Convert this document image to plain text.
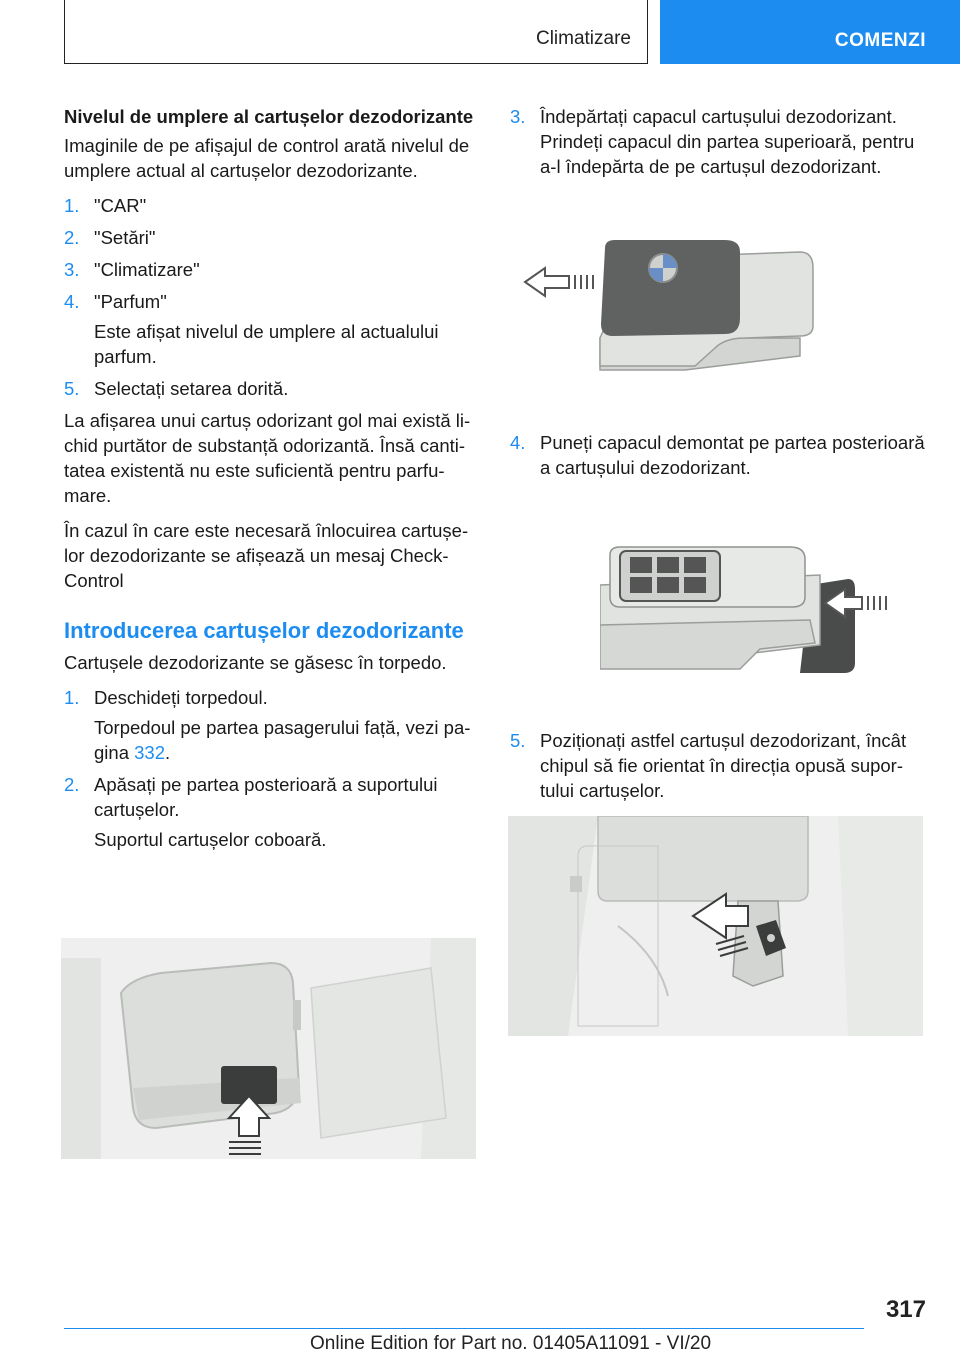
Climatizare	COMENZI
Nivelul de umplere al cartușelor dezodorizante

Imaginile de pe afișajul de control arată nivelul de umplere actual al cartușelor dezodorizante.

1. "CAR"
2. "Setări"
3. "Climatizare"
4. "Parfum"
Este afișat nivelul de umplere al actualului parfum.
5. Selectați setarea dorită.

La afișarea unui cartuș odorizant gol mai există lichid purtător de substanță odorizantă. Însă cantitatea existentă nu este suficientă pentru parfumare.

În cazul în care este necesară înlocuirea cartușelor dezodorizante se afișează un mesaj Check-Control

Introducerea cartușelor dezodorizante

Cartușele dezodorizante se găsesc în torpedo.

1. Deschideți torpedoul.
Torpedoul pe partea pasagerului față, vezi pagina 332.
2. Apăsați pe partea posterioară a suportului cartușelor.
Suportul cartușelor coboară.
3. Îndepărtați capacul cartușului dezodorizant. Prindeți capacul din partea superioară, pentru a-l îndepărta de pe cartușul dezodorizant.
4. Puneți capacul demontat pe partea posterioară a cartușului dezodorizant.
5. Poziționați astfel cartușul dezodorizant, încât chipul să fie orientat în direcția opusă suportului cartușelor.
317
Online Edition for Part no. 01405A11091 - VI/20
